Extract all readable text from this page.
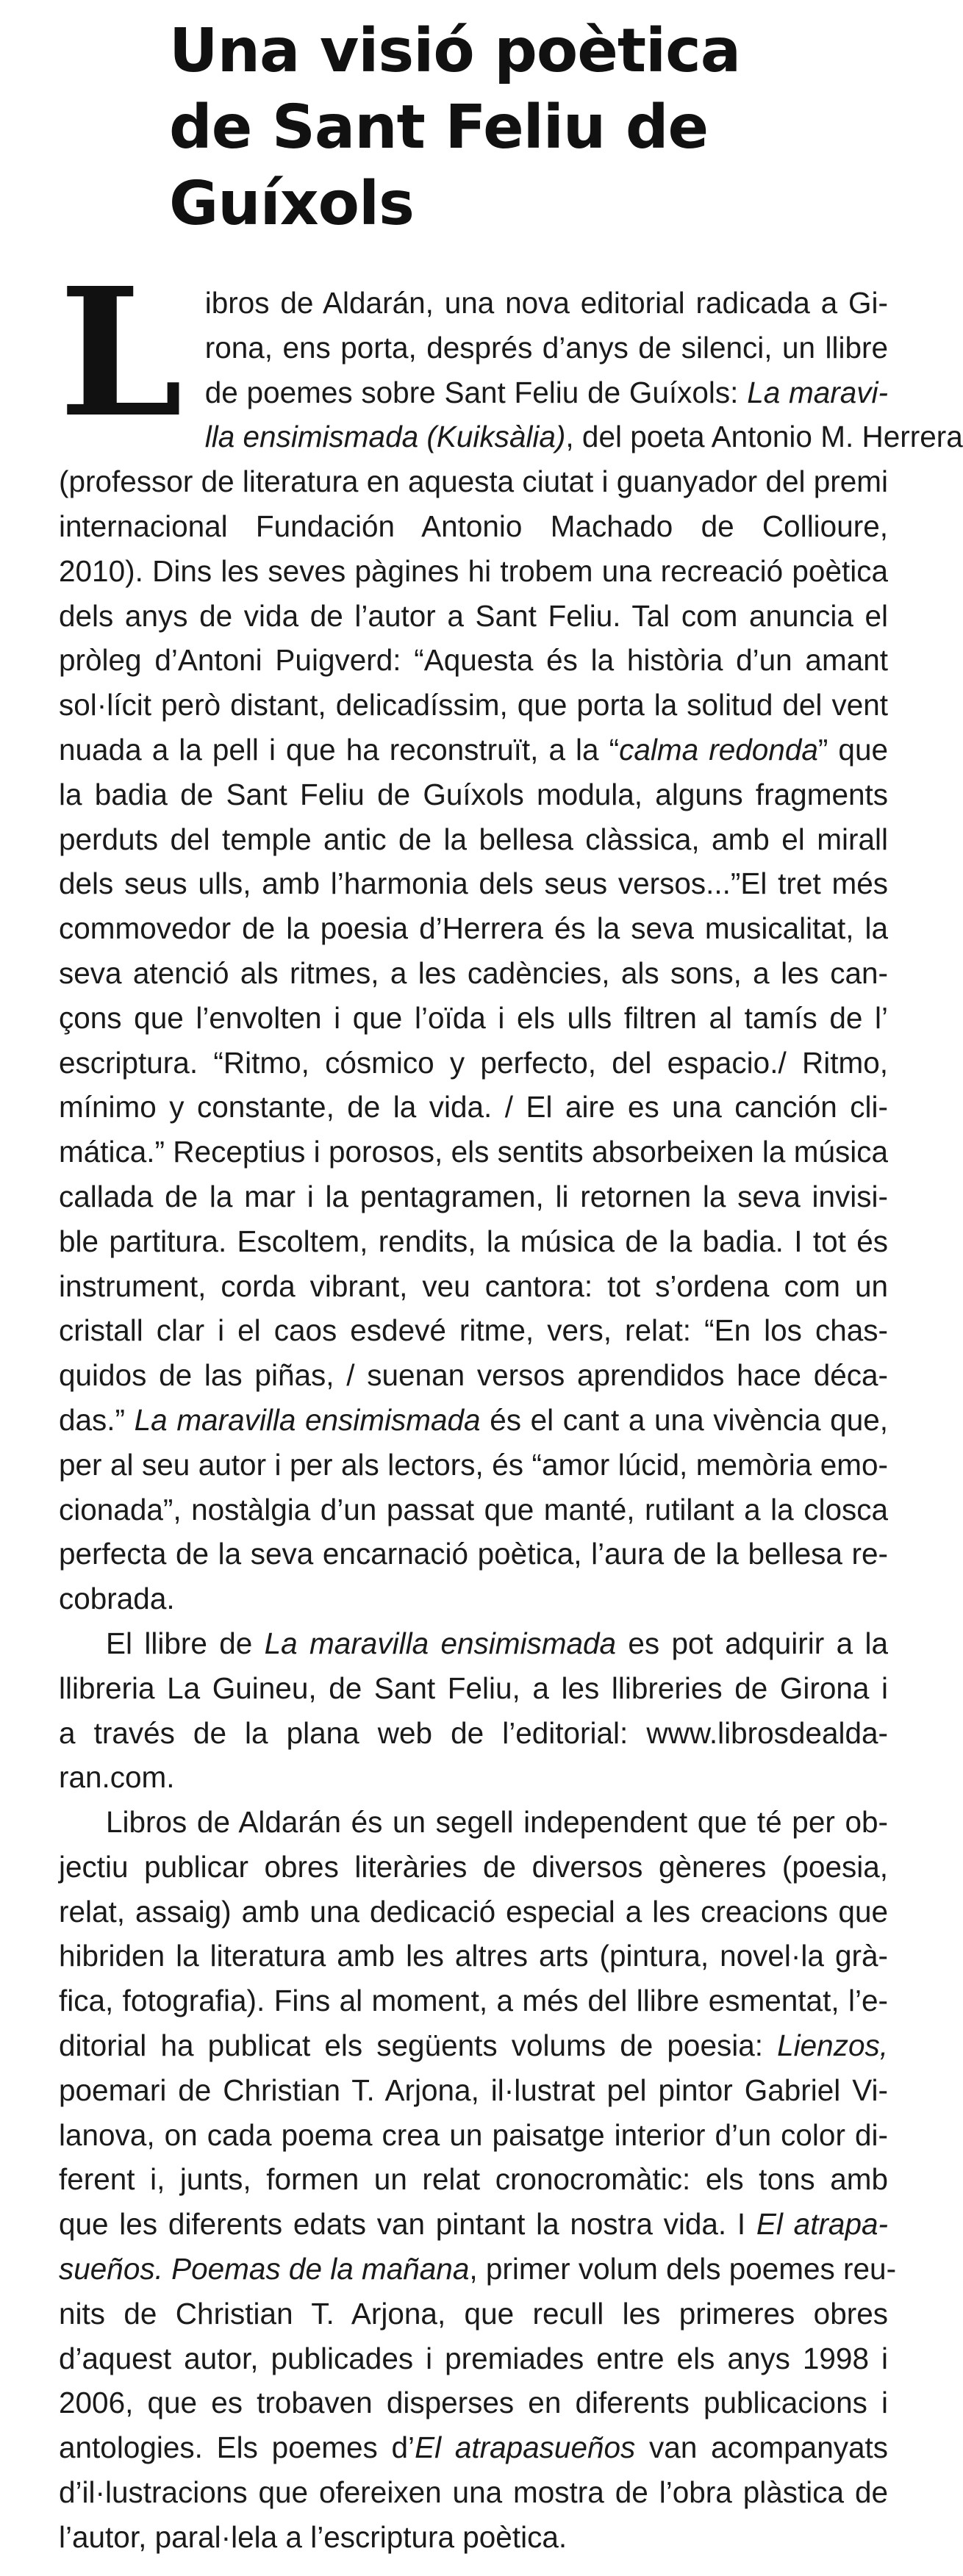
Una visió poètica
de Sant Feliu de
Guíxols
L ibros de Aldarán, una nova editorial radicada a Gi-
rona, ens porta, després d’anys de silenci, un llibre
de poemes sobre Sant Feliu de Guíxols: La maravi-
lla ensimismada (Kuiksàlia), del poeta Antonio M. Herrera
(professor de literatura en aquesta ciutat i guanyador del premi
internacional Fundación Antonio Machado de Collioure,
2010). Dins les seves pàgines hi trobem una recreació poètica
dels anys de vida de l’autor a Sant Feliu. Tal com anuncia el
pròleg d’Antoni Puigverd: “Aquesta és la història d’un amant
sol·lícit però distant, delicadíssim, que porta la solitud del vent
nuada a la pell i que ha reconstruït, a la “calma redonda” que
la badia de Sant Feliu de Guíxols modula, alguns fragments
perduts del temple antic de la bellesa clàssica, amb el mirall
dels seus ulls, amb l’harmonia dels seus versos...”El tret més
commovedor de la poesia d’Herrera és la seva musicalitat, la
seva atenció als ritmes, a les cadències, als sons, a les can-
çons que l’envolten i que l’oïda i els ulls filtren al tamís de l’
escriptura. “Ritmo, cósmico y perfecto, del espacio./ Ritmo,
mínimo y constante, de la vida. / El aire es una canción cli-
mática.” Receptius i porosos, els sentits absorbeixen la música
callada de la mar i la pentagramen, li retornen la seva invisi-
ble partitura. Escoltem, rendits, la música de la badia. I tot és
instrument, corda vibrant, veu cantora: tot s’ordena com un
cristall clar i el caos esdevé ritme, vers, relat: “En los chas-
quidos de las piñas, / suenan versos aprendidos hace déca-
das.” La maravilla ensimismada és el cant a una vivència que,
per al seu autor i per als lectors, és “amor lúcid, memòria emo-
cionada”, nostàlgia d’un passat que manté, rutilant a la closca
perfecta de la seva encarnació poètica, l’aura de la bellesa re-
cobrada.

El llibre de La maravilla ensimismada es pot adquirir a la
llibreria La Guineu, de Sant Feliu, a les llibreries de Girona i
a través de la plana web de l’editorial: www.librosdealda-
ran.com.

Libros de Aldarán és un segell independent que té per ob-
jectiu publicar obres literàries de diversos gèneres (poesia,
relat, assaig) amb una dedicació especial a les creacions que
hibriden la literatura amb les altres arts (pintura, novel·la grà-
fica, fotografia). Fins al moment, a més del llibre esmentat, l’e-
ditorial ha publicat els següents volums de poesia: Lienzos,
poemari de Christian T. Arjona, il·lustrat pel pintor Gabriel Vi-
lanova, on cada poema crea un paisatge interior d’un color di-
ferent i, junts, formen un relat cronocromàtic: els tons amb
que les diferents edats van pintant la nostra vida. I El atrapa-
sueños. Poemas de la mañana, primer volum dels poemes reu-
nits de Christian T. Arjona, que recull les primeres obres
d’aquest autor, publicades i premiades entre els anys 1998 i
2006, que es trobaven disperses en diferents publicacions i
antologies. Els poemes d’El atrapasueños van acompanyats
d’il·lustracions que ofereixen una mostra de l’obra plàstica de
l’autor, paral·lela a l’escriptura poètica.
